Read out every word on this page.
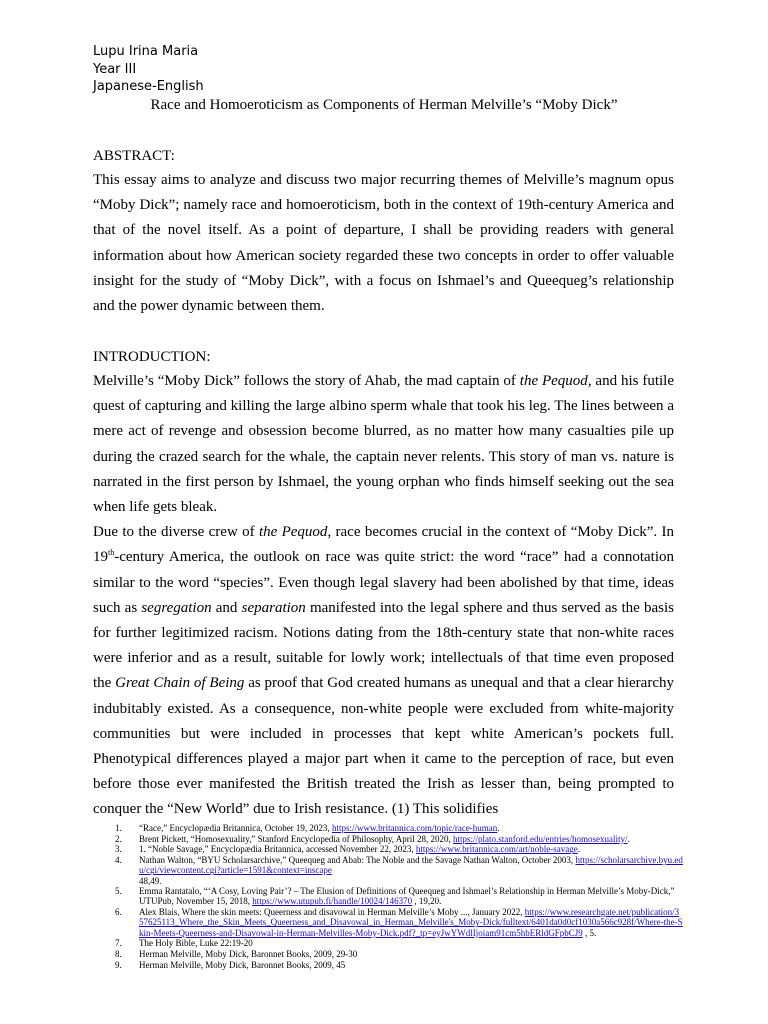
Lupu Irina Maria
Year III
Japanese-English
Race and Homoeroticism as Components of Herman Melville’s “Moby Dick”
ABSTRACT:

This essay aims to analyze and discuss two major recurring themes of Melville’s magnum opus “Moby Dick”; namely race and homoeroticism, both in the context of 19th-century America and that of the novel itself. As a point of departure, I shall be providing readers with general information about how American society regarded these two concepts in order to offer valuable insight for the study of “Moby Dick”, with a focus on Ishmael’s and Queequeg’s relationship and the power dynamic between them.

INTRODUCTION:

Melville’s “Moby Dick” follows the story of Ahab, the mad captain of the Pequod, and his futile quest of capturing and killing the large albino sperm whale that took his leg. The lines between a mere act of revenge and obsession become blurred, as no matter how many casualties pile up during the crazed search for the whale, the captain never relents. This story of man vs. nature is narrated in the first person by Ishmael, the young orphan who finds himself seeking out the sea when life gets bleak.

Due to the diverse crew of the Pequod, race becomes crucial in the context of “Moby Dick”. In 19th-century America, the outlook on race was quite strict: the word “race” had a connotation similar to the word “species”. Even though legal slavery had been abolished by that time, ideas such as segregation and separation manifested into the legal sphere and thus served as the basis for further legitimized racism. Notions dating from the 18th-century state that non-white races were inferior and as a result, suitable for lowly work; intellectuals of that time even proposed the Great Chain of Being as proof that God created humans as unequal and that a clear hierarchy indubitably existed. As a consequence, non-white people were excluded from white-majority communities but were included in processes that kept white American’s pockets full. Phenotypical differences played a major part when it came to the perception of race, but even before those ever manifested the British treated the Irish as lesser than, being prompted to conquer the “New World” due to Irish resistance. (1) This solidifies

1. “Race,” Encyclopædia Britannica, October 19, 2023, https://www.britannica.com/topic/race-human.
2. Brent Pickett, “Homosexuality,” Stanford Encyclopedia of Philosophy, April 28, 2020, https://plato.stanford.edu/entries/homosexuality/.
3. 1. “Noble Savage,” Encyclopædia Britannica, accessed November 22, 2023, https://www.britannica.com/art/noble-savage.
4. Nathan Walton, “BYU Scholarsarchive,” Queequeg and Abab: The Noble and the Savage Nathan Walton, October 2003, https://scholarsarchive.byu.edu/cgi/viewcontent.cgi?article=1591&context=inscape
48,49.
5. Emma Rantatalo, “‘A Cosy, Loving Pair’? – The Elusion of Definitions of Queequeg and Ishmael’s Relationship in Herman Melville’s Moby-Dick,” UTUPub, November 15, 2018, https://www.utupub.fi/handle/10024/146370 , 19,20.
6. Alex Blais, Where the skin meets: Queerness and disavowal in Herman Melville’s Moby ..., January 2022, https://www.researchgate.net/publication/357625113_Where_the_Skin_Meets_Queerness_and_Disavowal_in_Herman_Melville's_Moby-Dick/fulltext/6401da0d0cf1030a566c928f/Where-the-Skin-Meets-Queerness-and-Disavowal-in-Herman-Melvilles-Moby-Dick.pdf?_tp=eyJwYWdlIjoiam91cm5hbERldGFpbCJ9 , 5.
7. The Holy Bible, Luke 22:19-20
8. Herman Melville, Moby Dick, Baronnet Books, 2009, 29-30
9. Herman Melville, Moby Dick, Baronnet Books, 2009, 45
